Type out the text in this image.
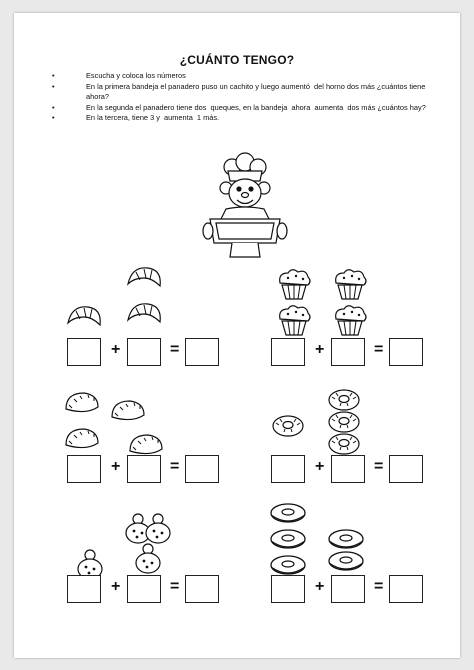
¿CUÁNTO TENGO?
•	Escucha y coloca los números
•	En la primera bandeja el panadero puso un cachito y luego aumentó  del horno dos más ¿cuántos tiene ahora?
•	En la segunda el panadero tiene dos  queques, en la bandeja  ahora  aumenta  dos más ¿cuántos hay?
•	En la tercera, tiene 3 y  aumenta  1 más.
+	=	+	=
+	=	+	=
+	=	+	=
